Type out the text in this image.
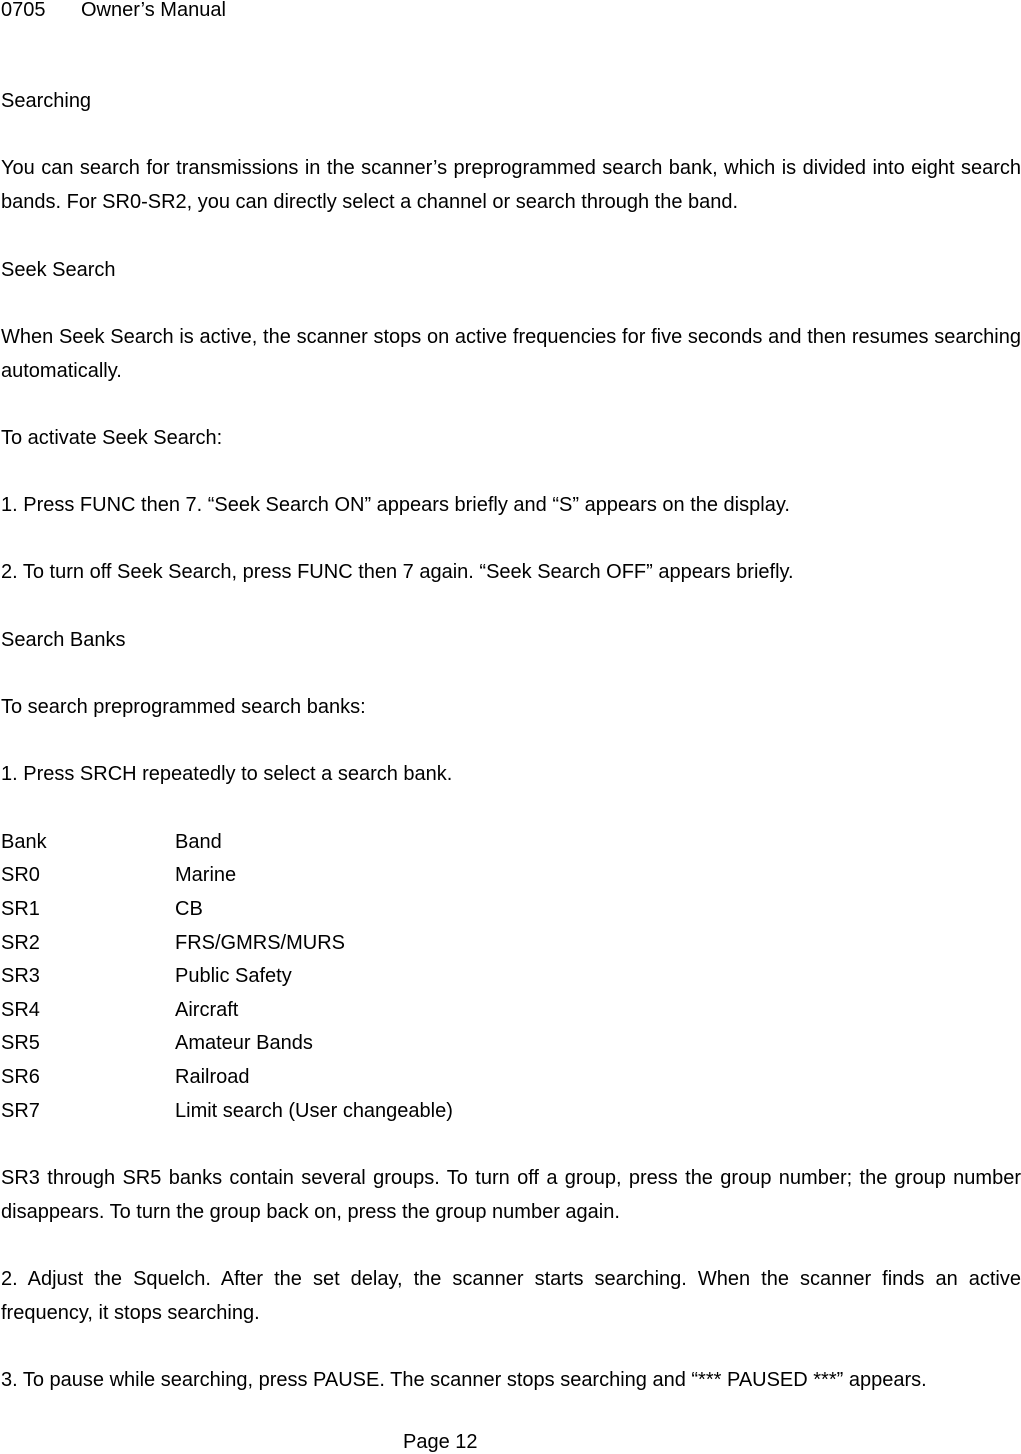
0705 Owner’s Manual

Searching

You can search for transmissions in the scanner’s preprogrammed search bank, which is divided into eight search bands. For SR0-SR2, you can directly select a channel or search through the band.

Seek Search

When Seek Search is active, the scanner stops on active frequencies for five seconds and then resumes searching automatically.

To activate Seek Search:

1. Press FUNC then 7. “Seek Search ON” appears briefly and “S” appears on the display.

2. To turn off Seek Search, press FUNC then 7 again. “Seek Search OFF” appears briefly.

Search Banks

To search preprogrammed search banks:

1. Press SRCH repeatedly to select a search bank.

Bank	Band
SR0	Marine
SR1	CB
SR2	FRS/GMRS/MURS
SR3	Public Safety
SR4	Aircraft
SR5	Amateur Bands
SR6	Railroad
SR7	Limit search (User changeable)

SR3 through SR5 banks contain several groups. To turn off a group, press the group number; the group number disappears. To turn the group back on, press the group number again.

2. Adjust the Squelch. After the set delay, the scanner starts searching. When the scanner finds an active frequency, it stops searching.

3. To pause while searching, press PAUSE. The scanner stops searching and “*** PAUSED ***” appears.

Page 12
